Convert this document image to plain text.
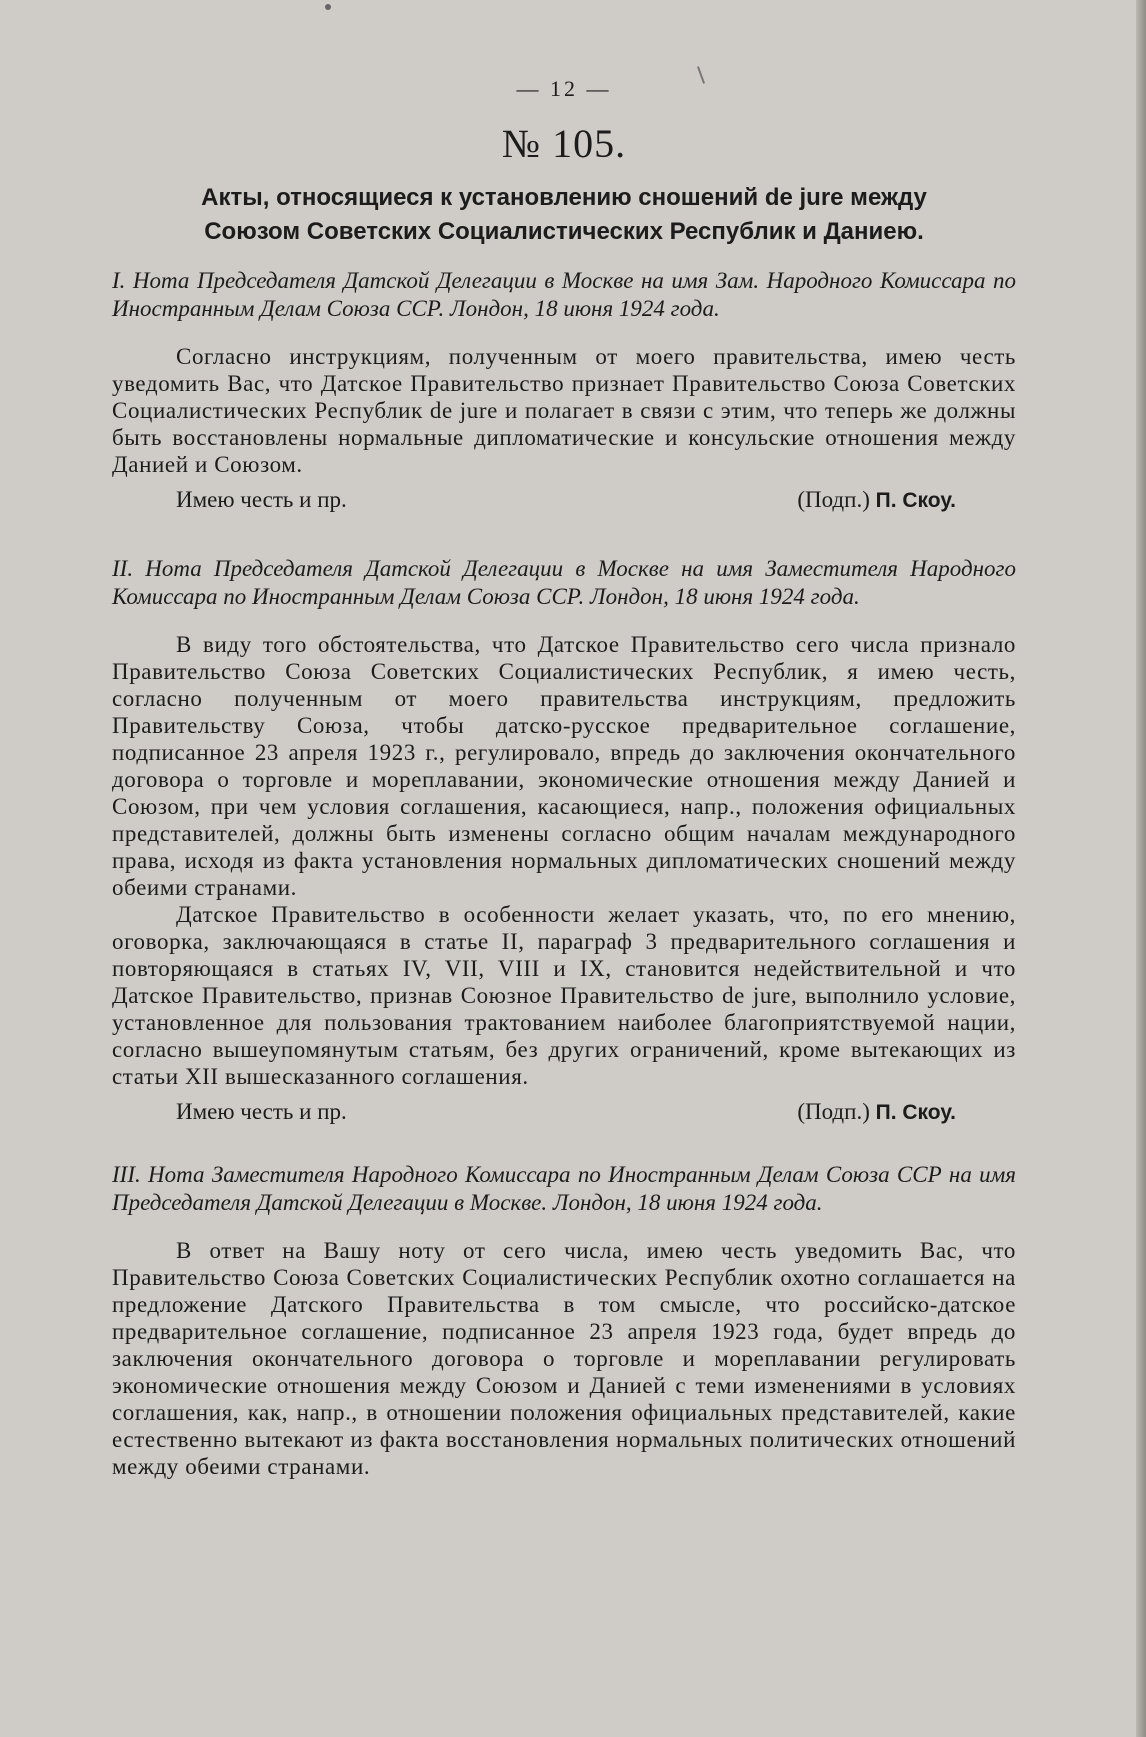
— 12 —
№ 105.
Акты, относящиеся к установлению сношений de jure между
Союзом Советских Социалистических Республик и Даниею.
I. Нота Председателя Датской Делегации в Москве на имя Зам. Народного Комиссара по Иностранным Делам Союза ССР. Лондон, 18 июня 1924 года.

Согласно инструкциям, полученным от моего правительства, имею честь уведомить Вас, что Датское Правительство признает Правительство Союза Советских Социалистических Республик de jure и полагает в связи с этим, что теперь же должны быть восстановлены нормальные дипломатические и консульские отношения между Данией и Союзом.

Имею честь и пр.	(Подп.) П. Скоу.
II. Нота Председателя Датской Делегации в Москве на имя Заместителя Народного Комиссара по Иностранным Делам Союза ССР. Лондон, 18 июня 1924 года.

В виду того обстоятельства, что Датское Правительство сего числа признало Правительство Союза Советских Социалистических Республик, я имею честь, согласно полученным от моего правительства инструкциям, предложить Правительству Союза, чтобы датско-русское предварительное соглашение, подписанное 23 апреля 1923 г., регулировало, впредь до заключения окончательного договора о торговле и мореплавании, экономические отношения между Данией и Союзом, при чем условия соглашения, касающиеся, напр., положения официальных представителей, должны быть изменены согласно общим началам международного права, исходя из факта установления нормальных дипломатических сношений между обеими странами.

Датское Правительство в особенности желает указать, что, по его мнению, оговорка, заключающаяся в статье II, параграф 3 предварительного соглашения и повторяющаяся в статьях IV, VII, VIII и IX, становится недействительной и что Датское Правительство, признав Союзное Правительство de jure, выполнило условие, установленное для пользования трактованием наиболее благоприятствуемой нации, согласно вышеупомянутым статьям, без других ограничений, кроме вытекающих из статьи XII вышесказанного соглашения.

Имею честь и пр.	(Подп.) П. Скоу.
III. Нота Заместителя Народного Комиссара по Иностранным Делам Союза ССР на имя Председателя Датской Делегации в Москве. Лондон, 18 июня 1924 года.

В ответ на Вашу ноту от сего числа, имею честь уведомить Вас, что Правительство Союза Советских Социалистических Республик охотно соглашается на предложение Датского Правительства в том смысле, что российско-датское предварительное соглашение, подписанное 23 апреля 1923 года, будет впредь до заключения окончательного договора о торговле и мореплавании регулировать экономические отношения между Союзом и Данией с теми изменениями в условиях соглашения, как, напр., в отношении положения официальных представителей, какие естественно вытекают из факта восстановления нормальных политических отношений между обеими странами.
